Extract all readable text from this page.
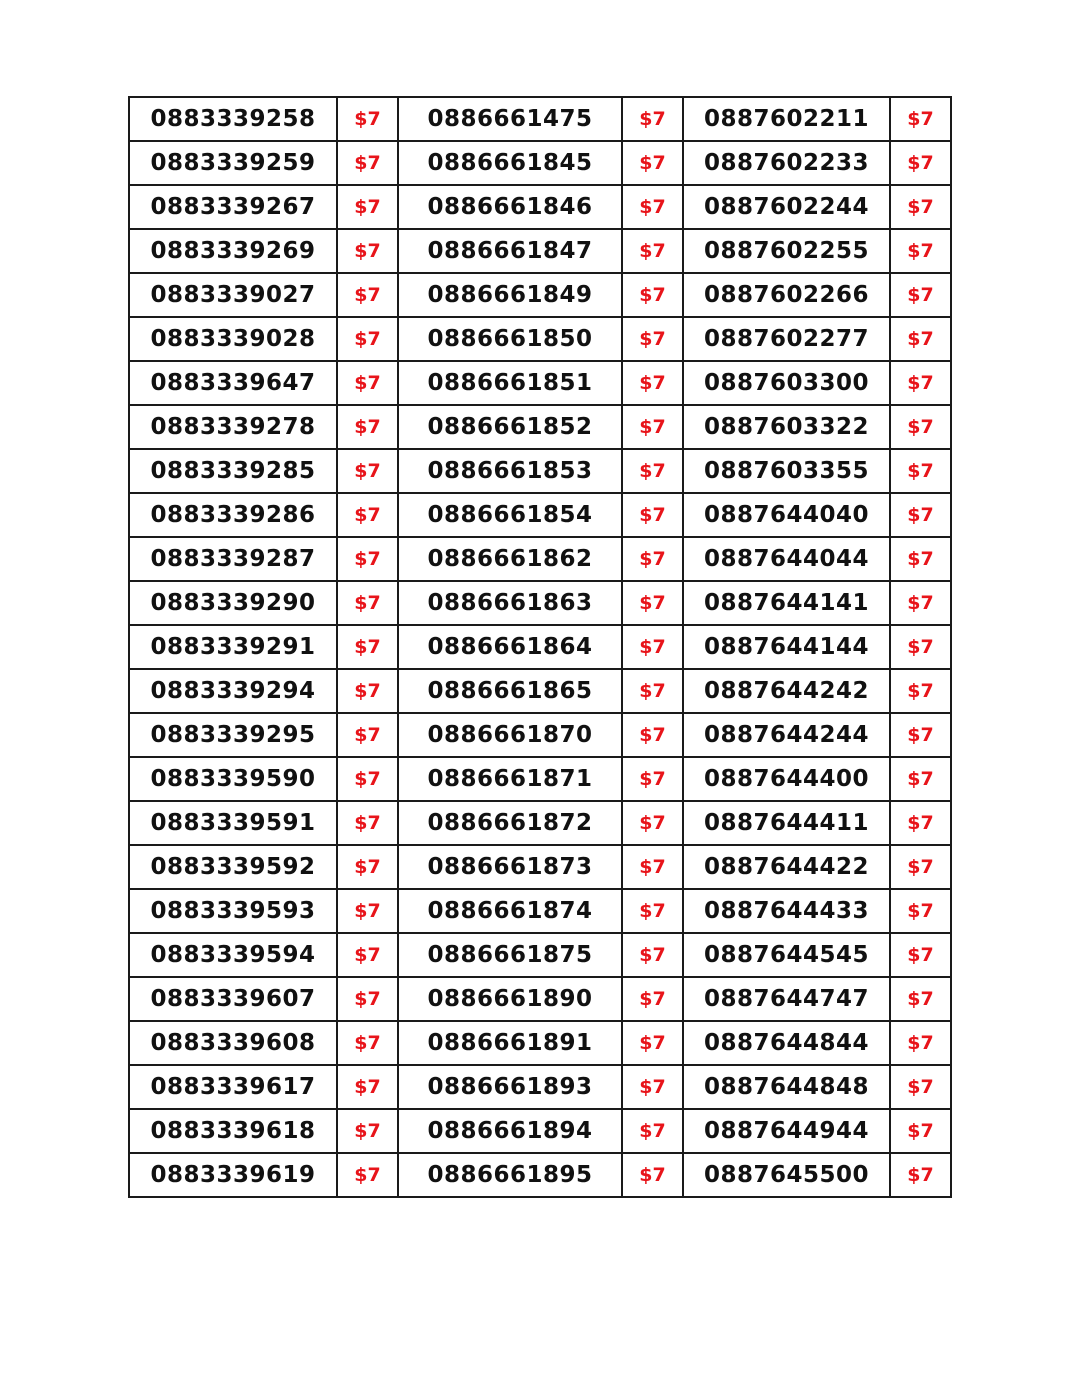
0883339258	$7	0886661475	$7	0887602211	$7
0883339259	$7	0886661845	$7	0887602233	$7
0883339267	$7	0886661846	$7	0887602244	$7
0883339269	$7	0886661847	$7	0887602255	$7
0883339027	$7	0886661849	$7	0887602266	$7
0883339028	$7	0886661850	$7	0887602277	$7
0883339647	$7	0886661851	$7	0887603300	$7
0883339278	$7	0886661852	$7	0887603322	$7
0883339285	$7	0886661853	$7	0887603355	$7
0883339286	$7	0886661854	$7	0887644040	$7
0883339287	$7	0886661862	$7	0887644044	$7
0883339290	$7	0886661863	$7	0887644141	$7
0883339291	$7	0886661864	$7	0887644144	$7
0883339294	$7	0886661865	$7	0887644242	$7
0883339295	$7	0886661870	$7	0887644244	$7
0883339590	$7	0886661871	$7	0887644400	$7
0883339591	$7	0886661872	$7	0887644411	$7
0883339592	$7	0886661873	$7	0887644422	$7
0883339593	$7	0886661874	$7	0887644433	$7
0883339594	$7	0886661875	$7	0887644545	$7
0883339607	$7	0886661890	$7	0887644747	$7
0883339608	$7	0886661891	$7	0887644844	$7
0883339617	$7	0886661893	$7	0887644848	$7
0883339618	$7	0886661894	$7	0887644944	$7
0883339619	$7	0886661895	$7	0887645500	$7
